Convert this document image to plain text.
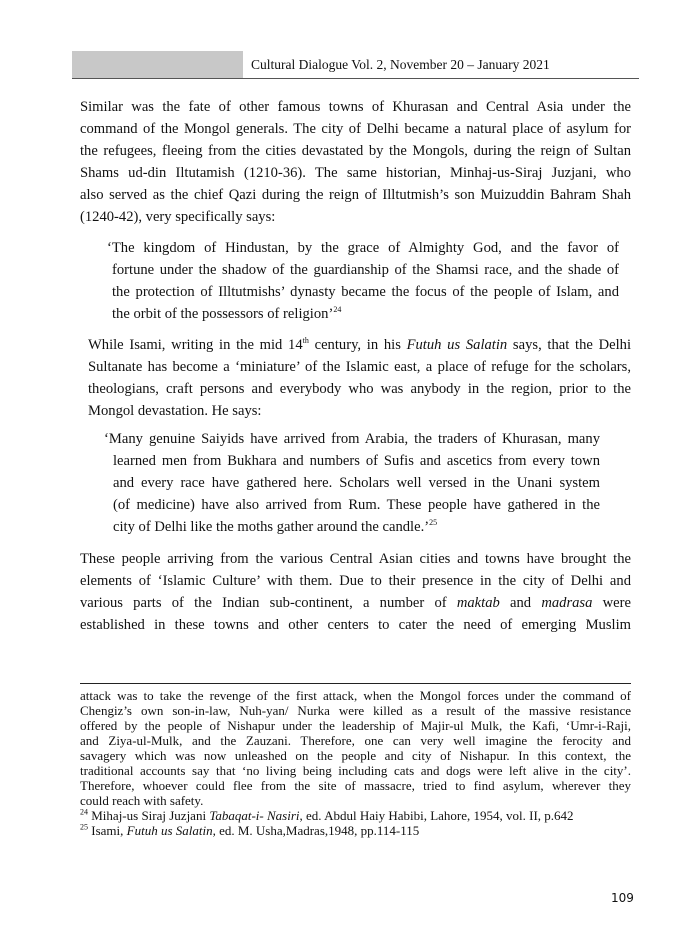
Cultural Dialogue Vol. 2, November 20 – January 2021
Similar was the fate of other famous towns of Khurasan and Central Asia under the
command of the Mongol generals. The city of Delhi became a natural place of asylum for
the refugees, fleeing from the cities devastated by the Mongols, during the reign of Sultan
Shams ud-din Iltutamish (1210-36). The same historian, Minhaj-us-Siraj Juzjani, who
also served as the chief Qazi during the reign of Illtutmish’s son Muizuddin Bahram Shah
(1240-42), very specifically says:
‘The kingdom of Hindustan, by the grace of Almighty God, and the favor of
fortune under the shadow of the guardianship of the Shamsi race, and the shade of
the protection of Illtutmishs’ dynasty became the focus of the people of Islam, and
the orbit of the possessors of religion’$^{24}$
While Isami, writing in the mid 14th century, in his Futuh us Salatin says, that the Delhi
Sultanate has become a ‘miniature’ of the Islamic east, a place of refuge for the scholars,
theologians, craft persons and everybody who was anybody in the region, prior to the
Mongol devastation. He says:
‘Many genuine Saiyids have arrived from Arabia, the traders of Khurasan, many
learned men from Bukhara and numbers of Sufis and ascetics from every town
and every race have gathered here. Scholars well versed in the Unani system
(of medicine) have also arrived from Rum. These people have gathered in the
city of Delhi like the moths gather around the candle.’$^{25}$
These people arriving from the various Central Asian cities and towns have brought the
elements of ‘Islamic Culture’ with them. Due to their presence in the city of Delhi and
various parts of the Indian sub-continent, a number of maktab and madrasa were
established in these towns and other centers to cater the need of emerging Muslim
attack was to take the revenge of the first attack, when the Mongol forces under the command of
Chengiz’s own son-in-law, Nuh-yan/ Nurka were killed as a result of the massive resistance
offered by the people of Nishapur under the leadership of Majir-ul Mulk, the Kafi, ‘Umr-i-Raji,
and Ziya-ul-Mulk, and the Zauzani. Therefore, one can very well imagine the ferocity and
savagery which was now unleashed on the people and city of Nishapur. In this context, the
traditional accounts say that ‘no living being including cats and dogs were left alive in the city’.
Therefore, whoever could flee from the site of massacre, tried to find asylum, wherever they
could reach with safety.
$^{24}$ Mihaj-us Siraj Juzjani Tabaqat-i- Nasiri, ed. Abdul Haiy Habibi, Lahore, 1954, vol. II, p.642
$^{25}$ Isami, Futuh us Salatin, ed. M. Usha,Madras,1948, pp.114-115
109
